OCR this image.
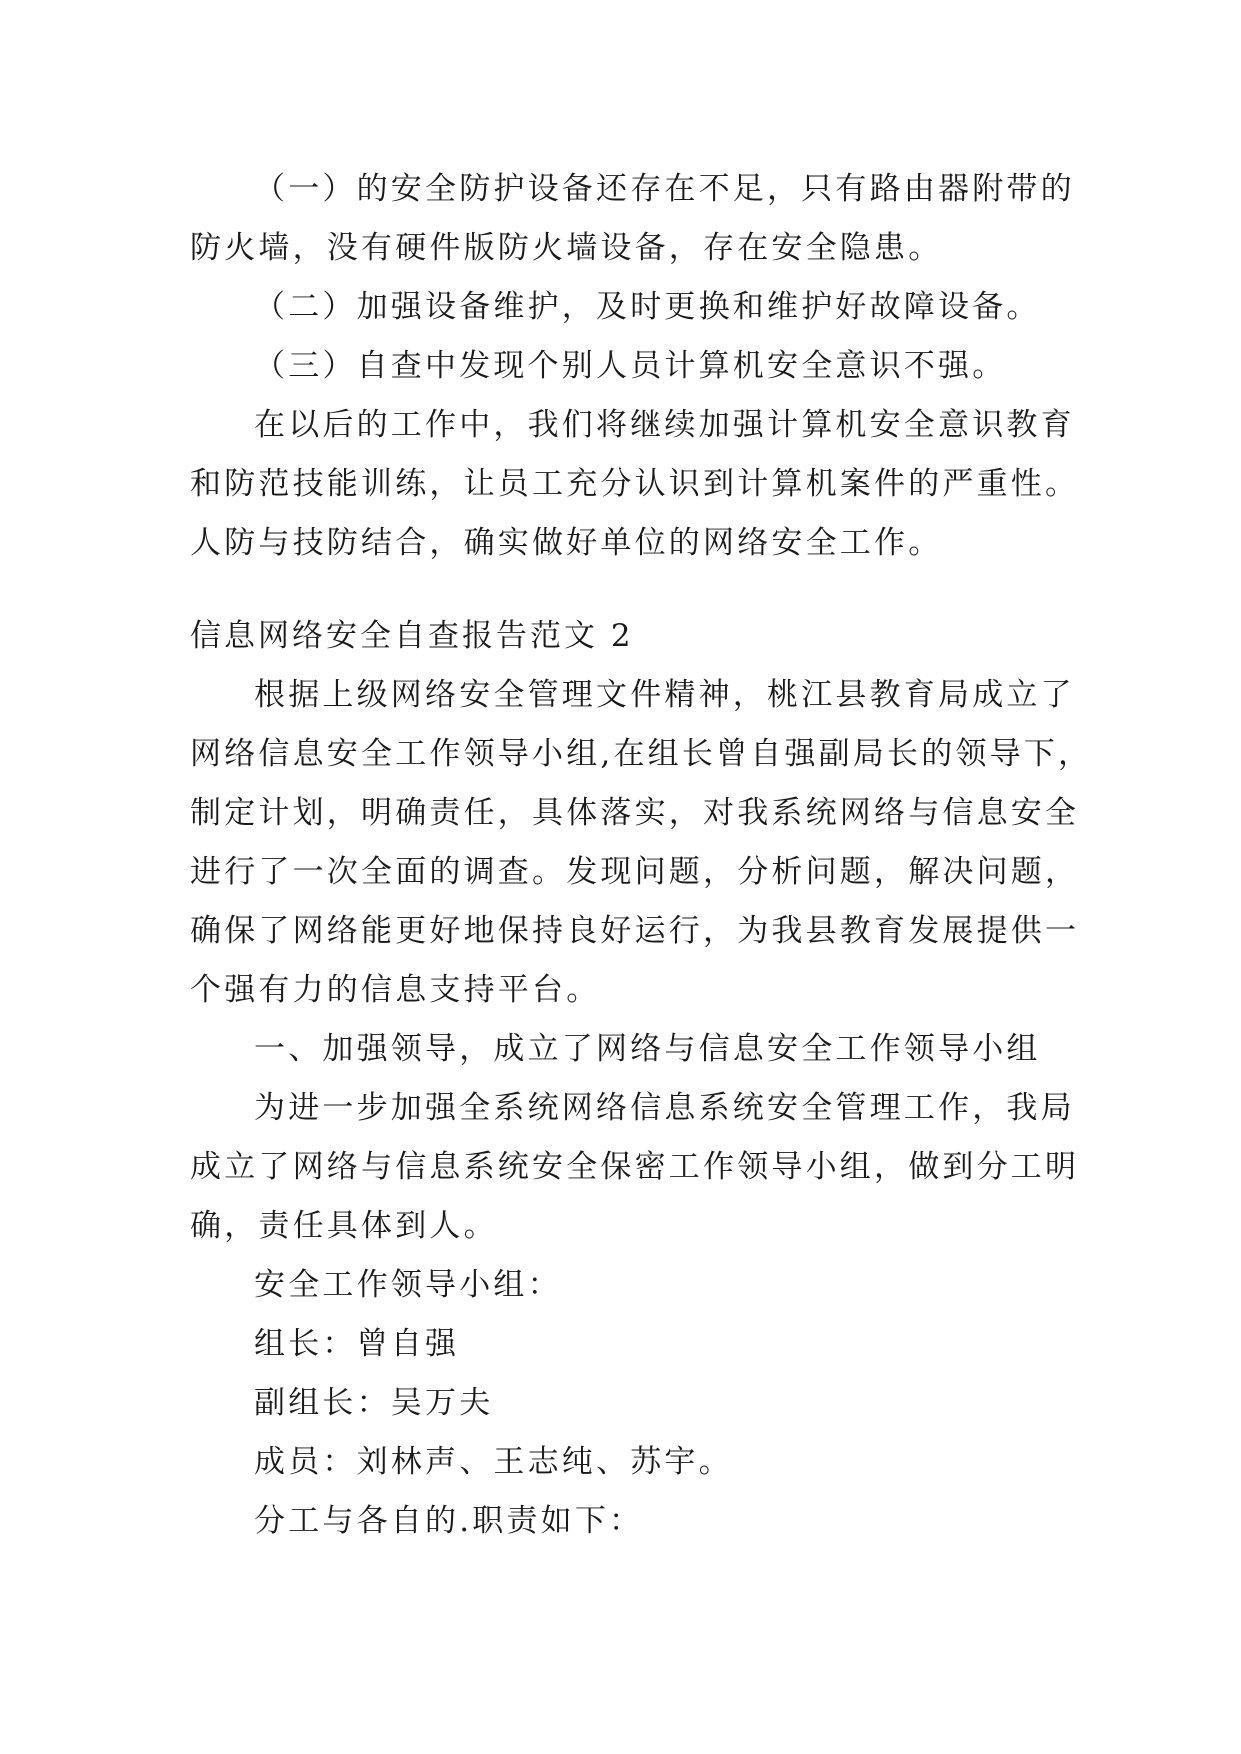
（一）的安全防护设备还存在不足，只有路由器附带的
防火墙，没有硬件版防火墙设备，存在安全隐患。
（二）加强设备维护，及时更换和维护好故障设备。
（三）自查中发现个别人员计算机安全意识不强。
在以后的工作中，我们将继续加强计算机安全意识教育
和防范技能训练，让员工充分认识到计算机案件的严重性。
人防与技防结合，确实做好单位的网络安全工作。
信息网络安全自查报告范文 2
根据上级网络安全管理文件精神，桃江县教育局成立了
网络信息安全工作领导小组,在组长曾自强副局长的领导下，
制定计划，明确责任，具体落实，对我系统网络与信息安全
进行了一次全面的调查。发现问题，分析问题，解决问题，
确保了网络能更好地保持良好运行，为我县教育发展提供一
个强有力的信息支持平台。
一、加强领导，成立了网络与信息安全工作领导小组
为进一步加强全系统网络信息系统安全管理工作，我局
成立了网络与信息系统安全保密工作领导小组，做到分工明
确，责任具体到人。
安全工作领导小组：
组长：曾自强
副组长：吴万夫
成员：刘林声、王志纯、苏宇。
分工与各自的.职责如下：
